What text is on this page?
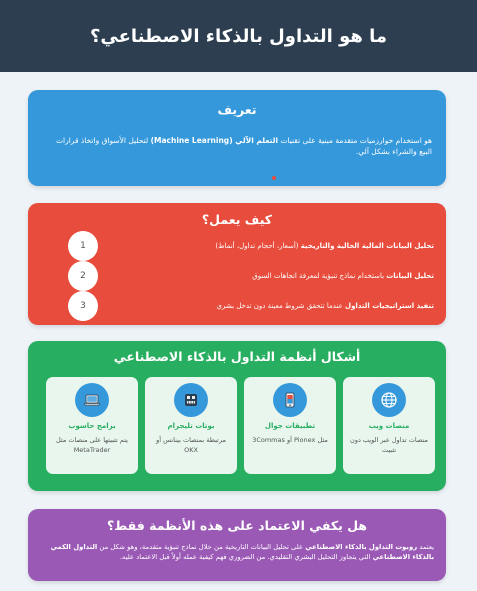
ما هو التداول بالذكاء الاصطناعي؟
تعريف

هو استخدام خوارزميات متقدمة مبنية على تقنيات التعلم الآلي (Machine Learning) لتحليل الأسواق واتخاذ قرارات البيع والشراء بشكل آلي.

كيف يعمل؟

تحليل البيانات المالية الحالية والتاريخية (أسعار، أحجام تداول، أنماط)

1

تحليل البيانات باستخدام نماذج تنبؤية لمعرفة اتجاهات السوق

2

تنفيذ استراتيجيات التداول عندما تتحقق شروط معينة دون تدخل بشري

3
أشكال أنظمة التداول بالذكاء الاصطناعي
منصات ويب
منصات تداول عبر الويب دون تثبيت
تطبيقات جوال
مثل Pionex أو 3Commas
بوتات تليجرام
مرتبطة بمنصات بينانس أو OKX
برامج حاسوب
يتم تثبيتها على منصات مثل MetaTrader
هل يكفي الاعتماد على هذه الأنظمة فقط؟

يعتمد روبوت التداول بالذكاء الاصطناعي على تحليل البيانات التاريخية من خلال نماذج تنبؤية متقدمة، وهو شكل من التداول الكمي بالذكاء الاصطناعي التي يتجاوز التحليل البشري التقليدي. من الضروري فهم كيفية عمله أولاً قبل الاعتماد عليه.
